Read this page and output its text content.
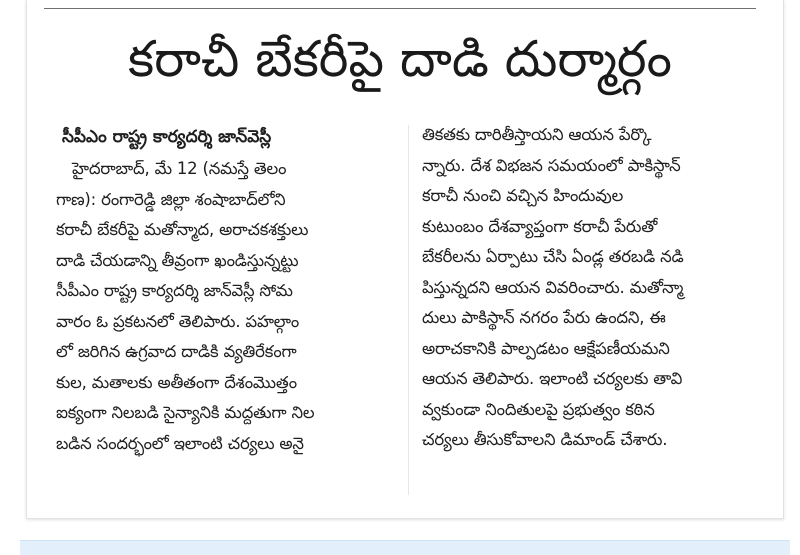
కరాచీ బేకరీపై దాడి దుర్మార్గం
సీపీఎం రాష్ట్ర కార్యదర్శి జాన్‌వెస్లీ
హైదరాబాద్, మే 12 (నమస్తే తెలం
గాణ): రంగారెడ్డి జిల్లా శంషాబాద్‌లోని
కరాచీ బేకరీపై మతోన్మాద, అరాచకశక్తులు
దాడి చేయడాన్ని తీవ్రంగా ఖండిస్తున్నట్టు
సీపీఎం రాష్ట్ర కార్యదర్శి జాన్‌వెస్లీ సోమ
వారం ఓ ప్రకటనలో తెలిపారు. పహల్గాం
లో జరిగిన ఉగ్రవాద దాడికి వ్యతిరేకంగా
కుల, మతాలకు అతీతంగా దేశంమొత్తం
ఐక్యంగా నిలబడి సైన్యానికి మద్దతుగా నిల
బడిన సందర్భంలో ఇలాంటి చర్యలు అనై
తికతకు దారితీస్తాయని ఆయన పేర్కొ
న్నారు. దేశ విభజన సమయంలో పాకిస్థాన్
కరాచీ నుంచి వచ్చిన హిందువుల
కుటుంబం దేశవ్యాప్తంగా కరాచీ పేరుతో
బేకరీలను ఏర్పాటు చేసి ఏండ్ల తరబడి నడి
పిస్తున్నదని ఆయన వివరించారు. మతోన్మా
దులు పాకిస్థాన్ నగరం పేరు ఉందని, ఈ
అరాచకానికి పాల్పడటం ఆక్షేపణీయమని
ఆయన తెలిపారు. ఇలాంటి చర్యలకు తావి
వ్వకుండా నిందితులపై ప్రభుత్వం కఠిన
చర్యలు తీసుకోవాలని డిమాండ్ చేశారు.
